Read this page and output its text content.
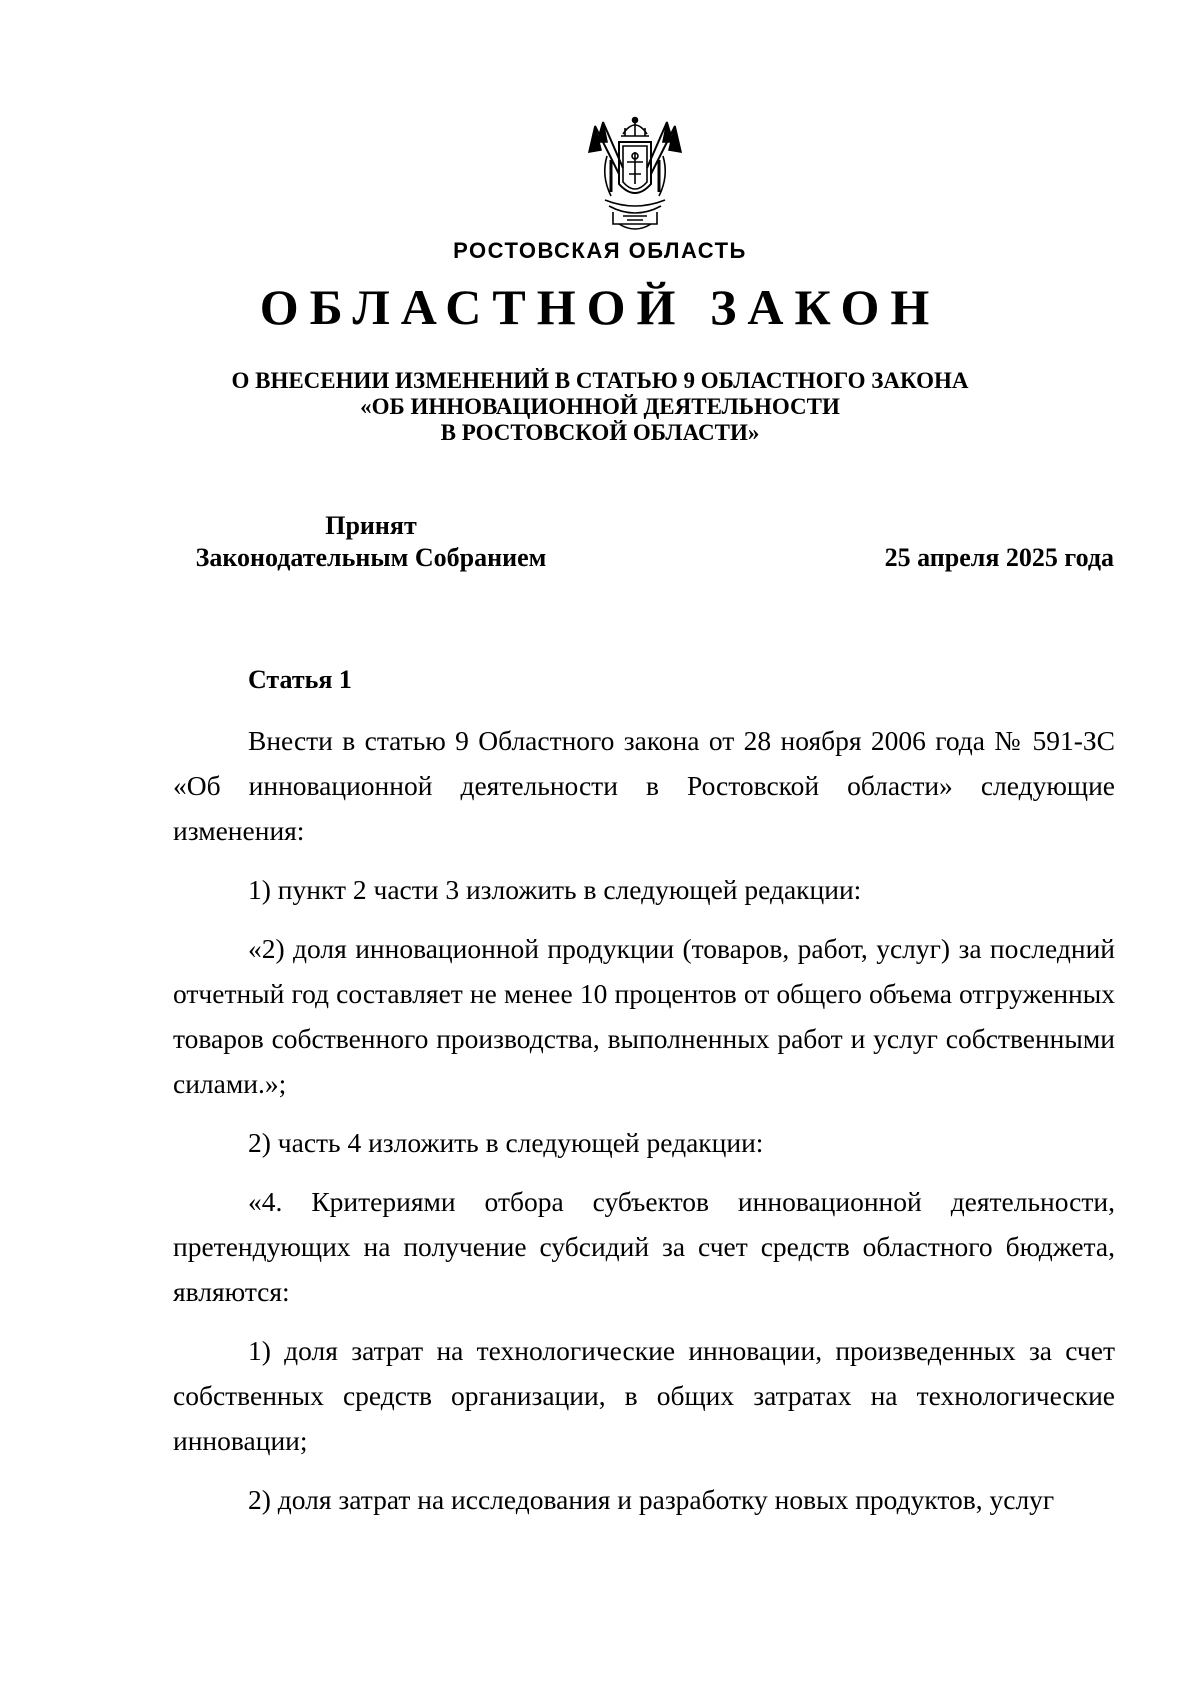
РОСТОВСКАЯ ОБЛАСТЬ
ОБЛАСТНОЙ ЗАКОН
О ВНЕСЕНИИ ИЗМЕНЕНИЙ В СТАТЬЮ 9 ОБЛАСТНОГО ЗАКОНА
«ОБ ИННОВАЦИОННОЙ ДЕЯТЕЛЬНОСТИ
В РОСТОВСКОЙ ОБЛАСТИ»
Принят
Законодательным Собранием	25 апреля 2025 года
Статья 1

Внести в статью 9 Областного закона от 28 ноября 2006 года № 591-ЗС «Об инновационной деятельности в Ростовской области» следующие изменения:

1) пункт 2 части 3 изложить в следующей редакции:

«2) доля инновационной продукции (товаров, работ, услуг) за последний отчетный год составляет не менее 10 процентов от общего объема отгруженных товаров собственного производства, выполненных работ и услуг собственными силами.»;

2) часть 4 изложить в следующей редакции:

«4. Критериями отбора субъектов инновационной деятельности, претендующих на получение субсидий за счет средств областного бюджета, являются:

1) доля затрат на технологические инновации, произведенных за счет собственных средств организации, в общих затратах на технологические инновации;

2) доля затрат на исследования и разработку новых продуктов, услуг
